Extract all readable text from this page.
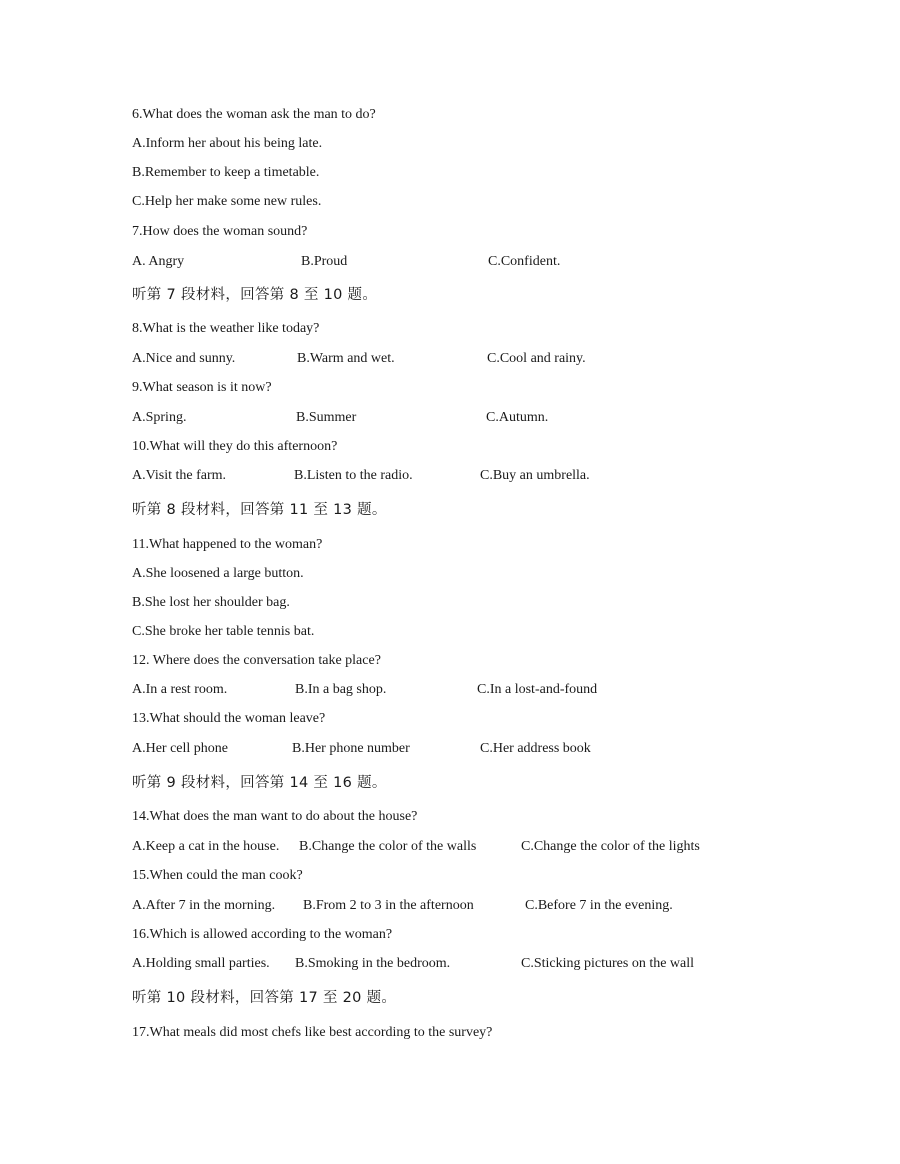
6.What does the woman ask the man to do?
A.Inform her about his being late.
B.Remember to keep a timetable.
C.Help her make some new rules.
7.How does the woman sound?
A. Angry	B.Proud	C.Confident.
听第 7 段材料，回答第 8 至 10 题。
8.What is the weather like today?
A.Nice and sunny.	B.Warm and wet.	C.Cool and rainy.
9.What season is it now?
A.Spring.	B.Summer	C.Autumn.
10.What will they do this afternoon?
A.Visit the farm.	B.Listen to the radio.	C.Buy an umbrella.
听第 8 段材料，回答第 11 至 13 题。
11.What happened to the woman?
A.She loosened a large button.
B.She lost her shoulder bag.
C.She broke her table tennis bat.
12. Where does the conversation take place?
A.In a rest room.	B.In a bag shop.	C.In a lost-and-found
13.What should the woman leave?
A.Her cell phone	B.Her phone number	C.Her address book
听第 9 段材料，回答第 14 至 16 题。
14.What does the man want to do about the house?
A.Keep a cat in the house. B.Change the color of the walls	C.Change the color of the lights
15.When could the man cook?
A.After 7 in the morning. B.From 2 to 3 in the afternoon	C.Before 7 in the evening.
16.Which is allowed according to the woman?
A.Holding small parties. B.Smoking in the bedroom.	C.Sticking pictures on the wall
听第 10 段材料，回答第 17 至 20 题。
17.What meals did most chefs like best according to the survey?
